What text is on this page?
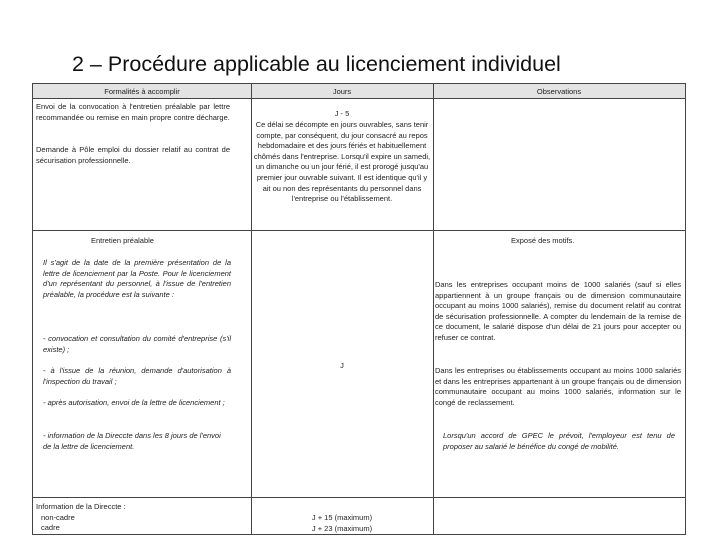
2 – Procédure applicable au licenciement individuel
Formalités à accomplir	Jours	Observations
Envoi de la convocation à l'entretien préalable par lettre recommandée ou remise en main propre contre décharge.
Demande à Pôle emploi du dossier relatif au contrat de sécurisation professionnelle.
J - 5
Ce délai se décompte en jours ouvrables, sans tenir compte, par conséquent, du jour consacré au repos hebdomadaire et des jours fériés et habituellement chômés dans l'entreprise. Lorsqu'il expire un samedi, un dimanche ou un jour férié, il est prorogé jusqu'au premier jour ouvrable suivant. Il est identique qu'il y ait ou non des représentants du personnel dans l'entreprise ou l'établissement.
Entretien préalable
Il s'agit de la date de la première présentation de la lettre de licenciement par la Poste. Pour le licenciement d'un représentant du personnel, à l'issue de l'entretien préalable, la procédure est la suivante :
- convocation et consultation du comité d'entreprise (s'il existe) ;
- à l'issue de la réunion, demande d'autorisation à l'inspection du travail ;
- après autorisation, envoi de la lettre de licenciement ;
- information de la Direccte dans les 8 jours de l'envoi de la lettre de licenciement.
J
Exposé des motifs.
Dans les entreprises occupant moins de 1000 salariés (sauf si elles appartiennent à un groupe français ou de dimension communautaire occupant au moins 1000 salariés), remise du document relatif au contrat de sécurisation professionnelle. A compter du lendemain de la remise de ce document, le salarié dispose d'un délai de 21 jours pour accepter ou refuser ce contrat.
Dans les entreprises ou établissements occupant au moins 1000 salariés et dans les entreprises appartenant à un groupe français ou de dimension communautaire occupant au moins 1000 salariés, information sur le congé de reclassement.
Lorsqu'un accord de GPEC le prévoit, l'employeur est tenu de proposer au salarié le bénéfice du congé de mobilité.

Information de la Direccte :

non-cadre

cadre

J + 15 (maximum)

J + 23 (maximum)
